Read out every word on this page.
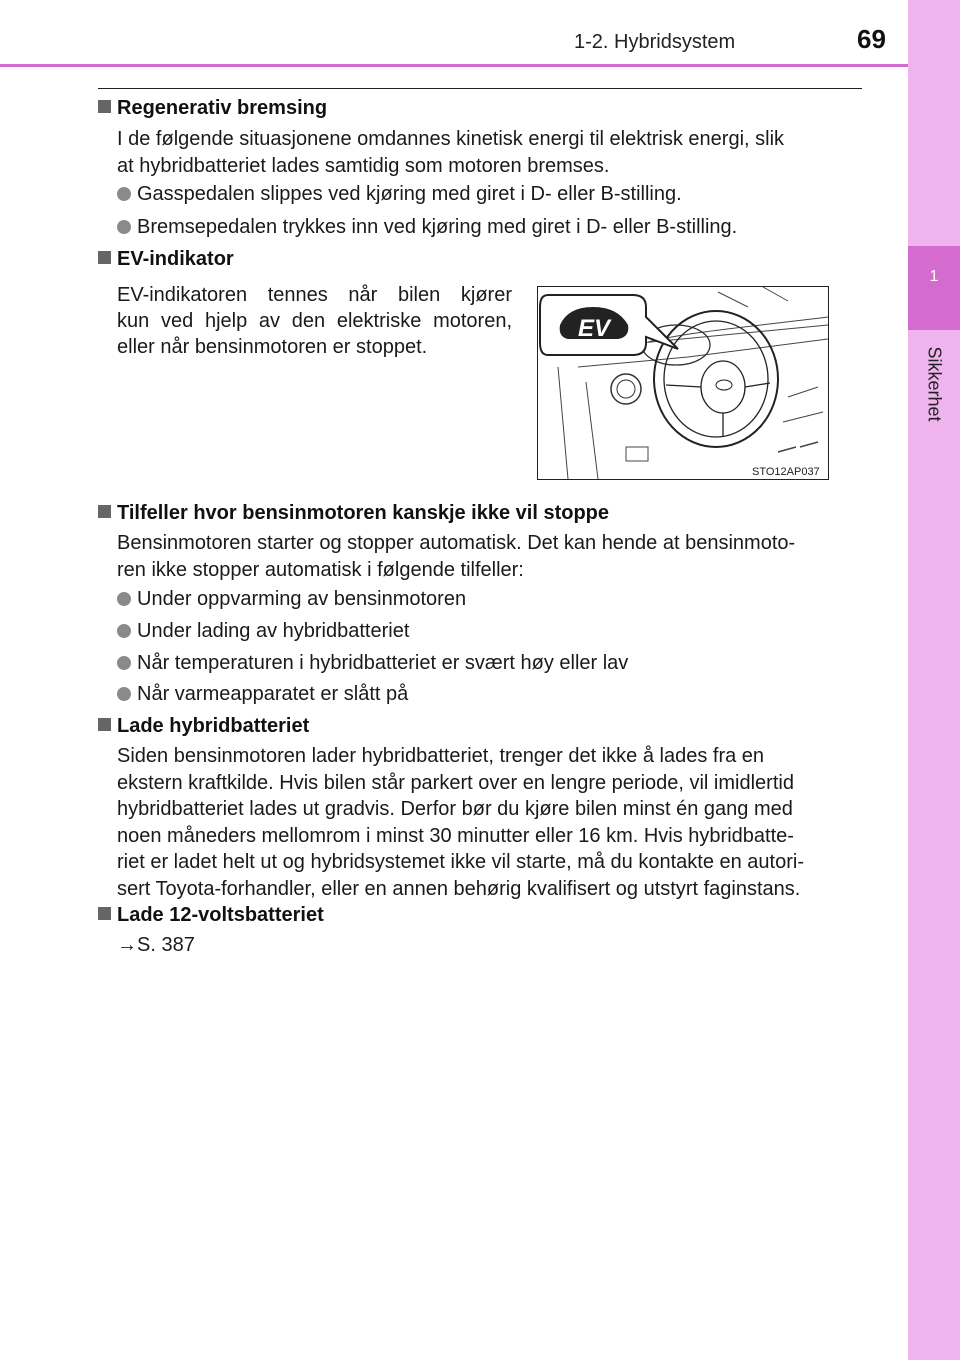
1
Sikkerhet
1-2. Hybridsystem	69
Regenerativ bremsing
I de følgende situasjonene omdannes kinetisk energi til elektrisk energi, slik
at hybridbatteriet lades samtidig som motoren bremses.
Gasspedalen slippes ved kjøring med giret i D- eller B-stilling.
Bremsepedalen trykkes inn ved kjøring med giret i D- eller B-stilling.
EV-indikator
EV-indikatoren tennes når bilen kjører
kun ved hjelp av den elektriske motoren,
eller når bensinmotoren er stoppet.
EV
STO12AP037
Tilfeller hvor bensinmotoren kanskje ikke vil stoppe
Bensinmotoren starter og stopper automatisk. Det kan hende at bensinmoto-
ren ikke stopper automatisk i følgende tilfeller:
Under oppvarming av bensinmotoren
Under lading av hybridbatteriet
Når temperaturen i hybridbatteriet er svært høy eller lav
Når varmeapparatet er slått på
Lade hybridbatteriet
Siden bensinmotoren lader hybridbatteriet, trenger det ikke å lades fra en
ekstern kraftkilde. Hvis bilen står parkert over en lengre periode, vil imidlertid
hybridbatteriet lades ut gradvis. Derfor bør du kjøre bilen minst én gang med
noen måneders mellomrom i minst 30 minutter eller 16 km. Hvis hybridbatte-
riet er ladet helt ut og hybridsystemet ikke vil starte, må du kontakte en autori-
sert Toyota-forhandler, eller en annen behørig kvalifisert og utstyrt faginstans.
Lade 12-voltsbatteriet
→S. 387
